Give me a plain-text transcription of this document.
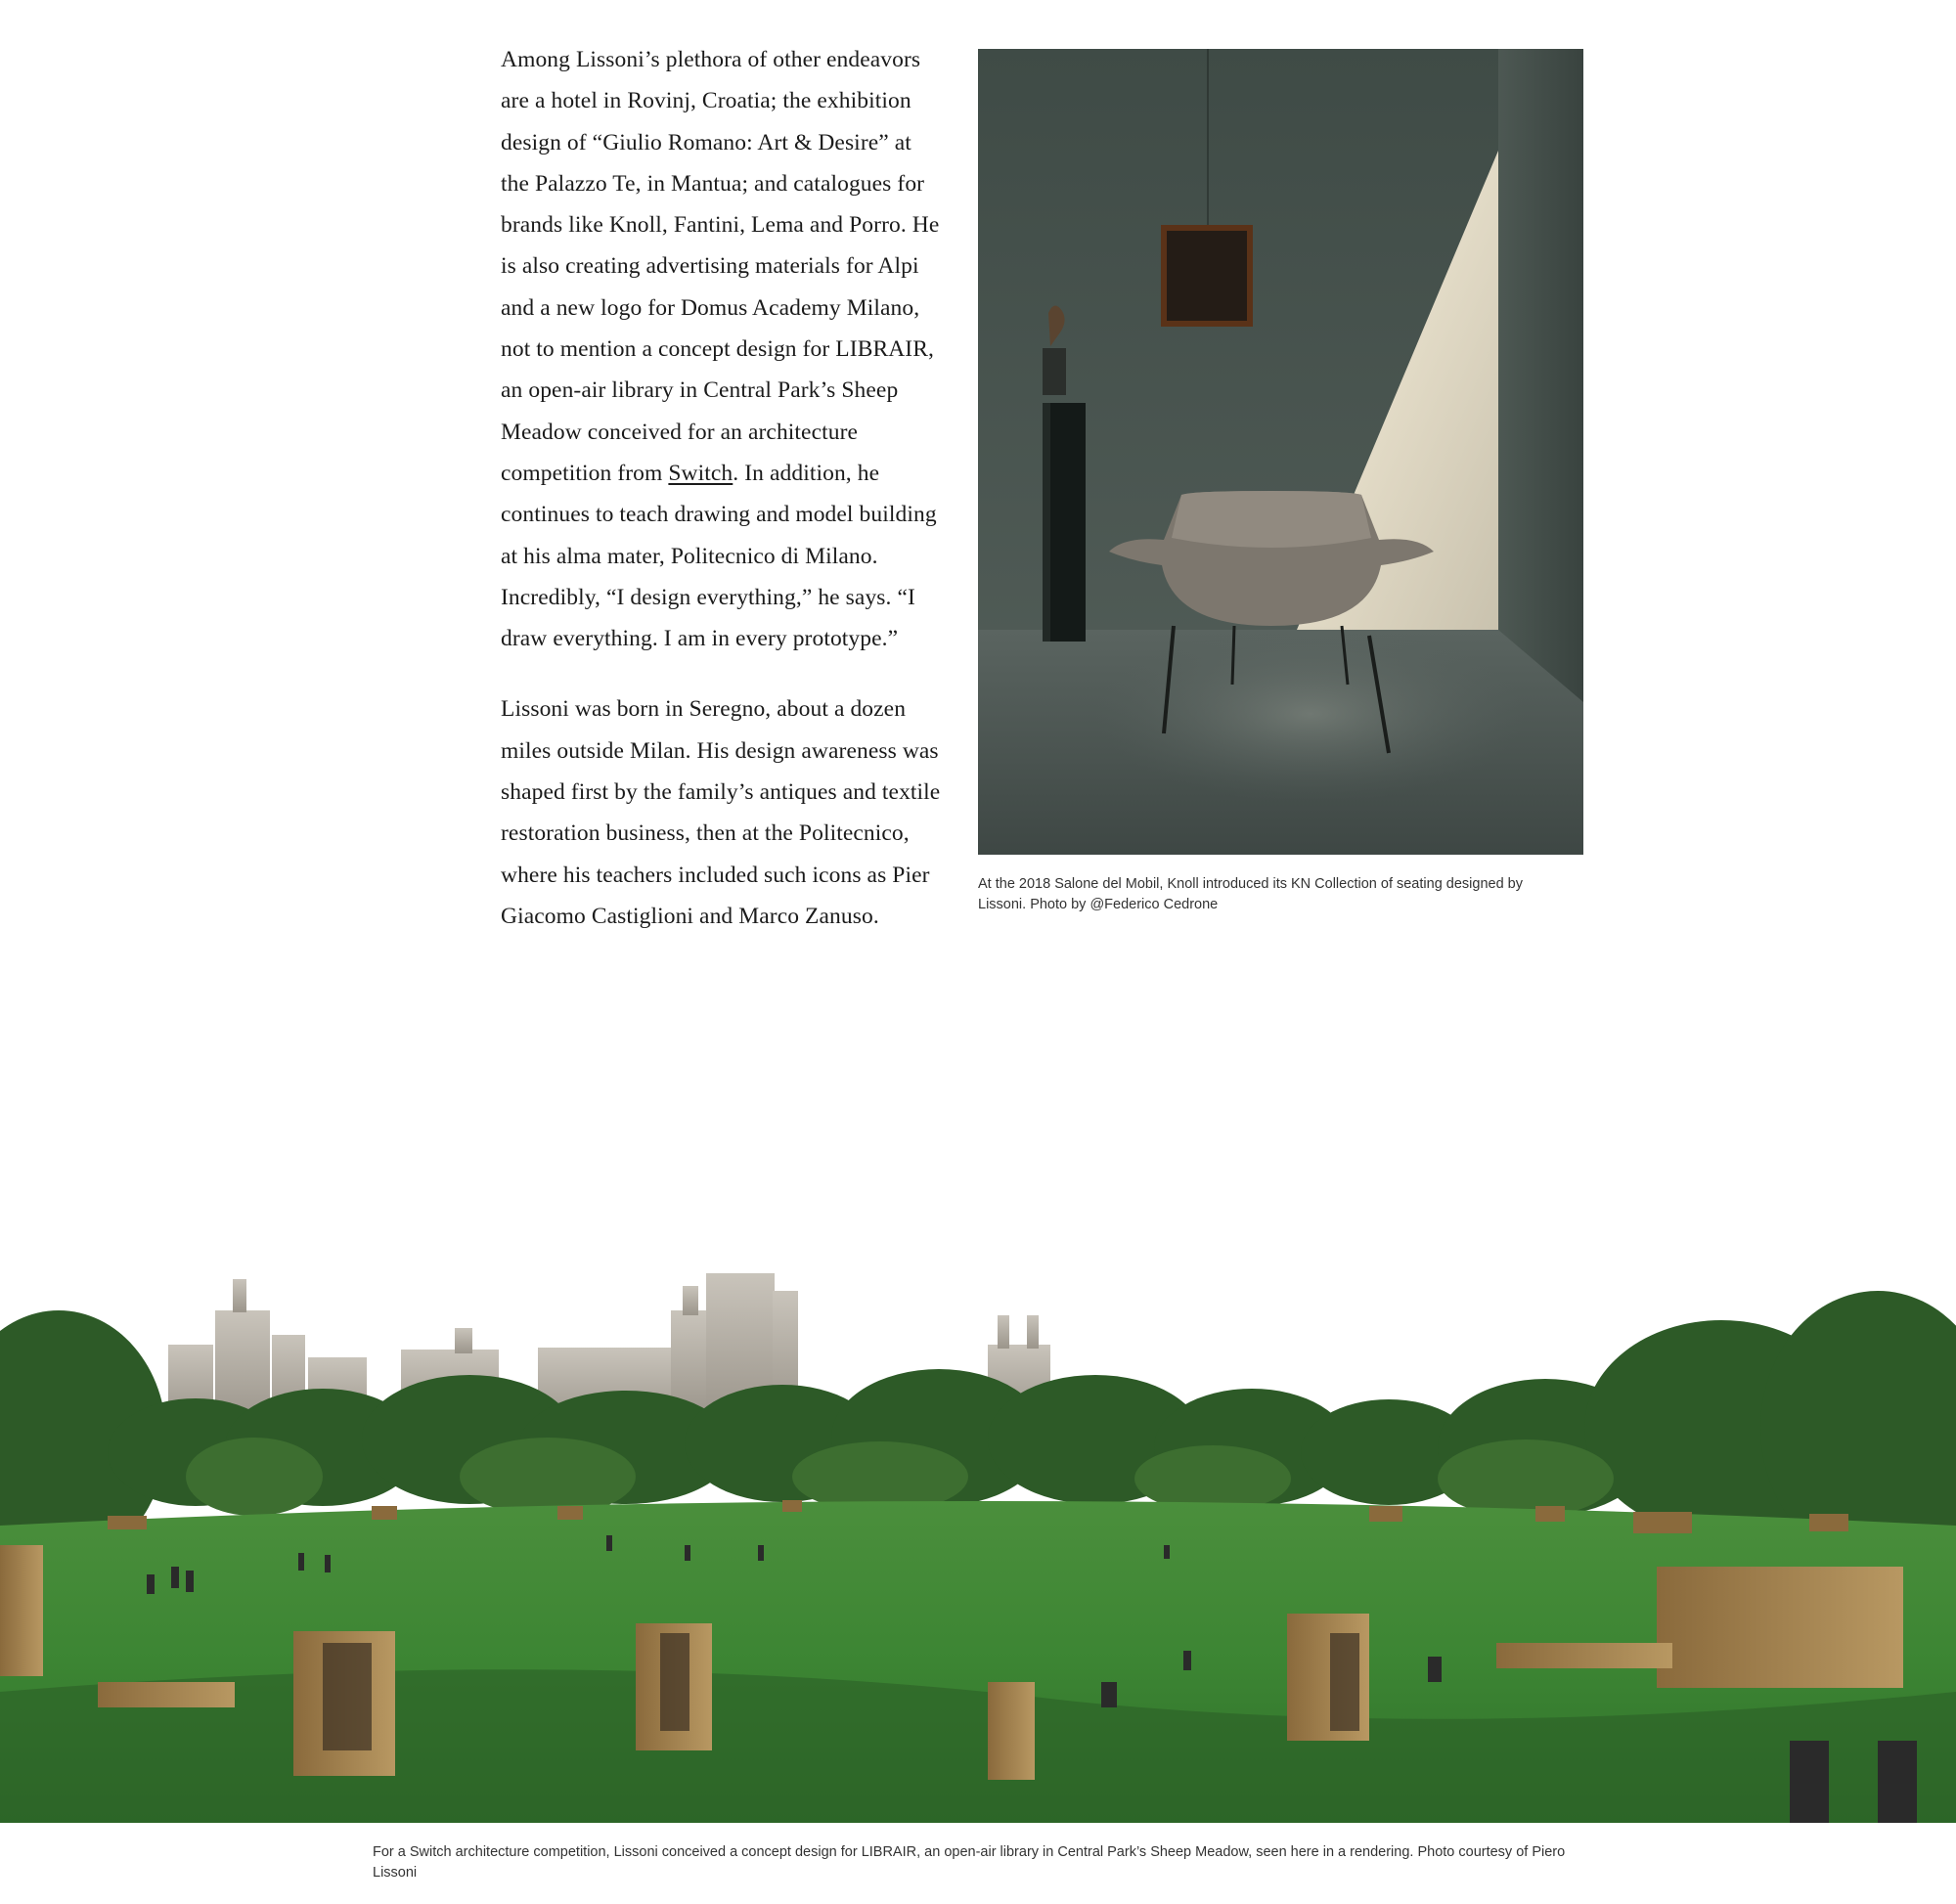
Among Lissoni’s plethora of other endeavors are a hotel in Rovinj, Croatia; the exhibition design of “Giulio Romano: Art & Desire” at the Palazzo Te, in Mantua; and catalogues for brands like Knoll, Fantini, Lema and Porro. He is also creating advertising materials for Alpi and a new logo for Domus Academy Milano, not to mention a concept design for LIBRAIR, an open-air library in Central Park’s Sheep Meadow conceived for an architecture competition from Switch. In addition, he continues to teach drawing and model building at his alma mater, Politecnico di Milano. Incredibly, “I design everything,” he says. “I draw everything. I am in every prototype.”

Lissoni was born in Seregno, about a dozen miles outside Milan. His design awareness was shaped first by the family’s antiques and textile restoration business, then at the Politecnico, where his teachers included such icons as Pier Giacomo Castiglioni and Marco Zanuso.

At the 2018 Salone del Mobil, Knoll introduced its KN Collection of seating designed by Lissoni. Photo by @Federico Cedrone
For a Switch architecture competition, Lissoni conceived a concept design for LIBRAIR, an open-air library in Central Park’s Sheep Meadow, seen here in a rendering. Photo courtesy of Piero Lissoni
